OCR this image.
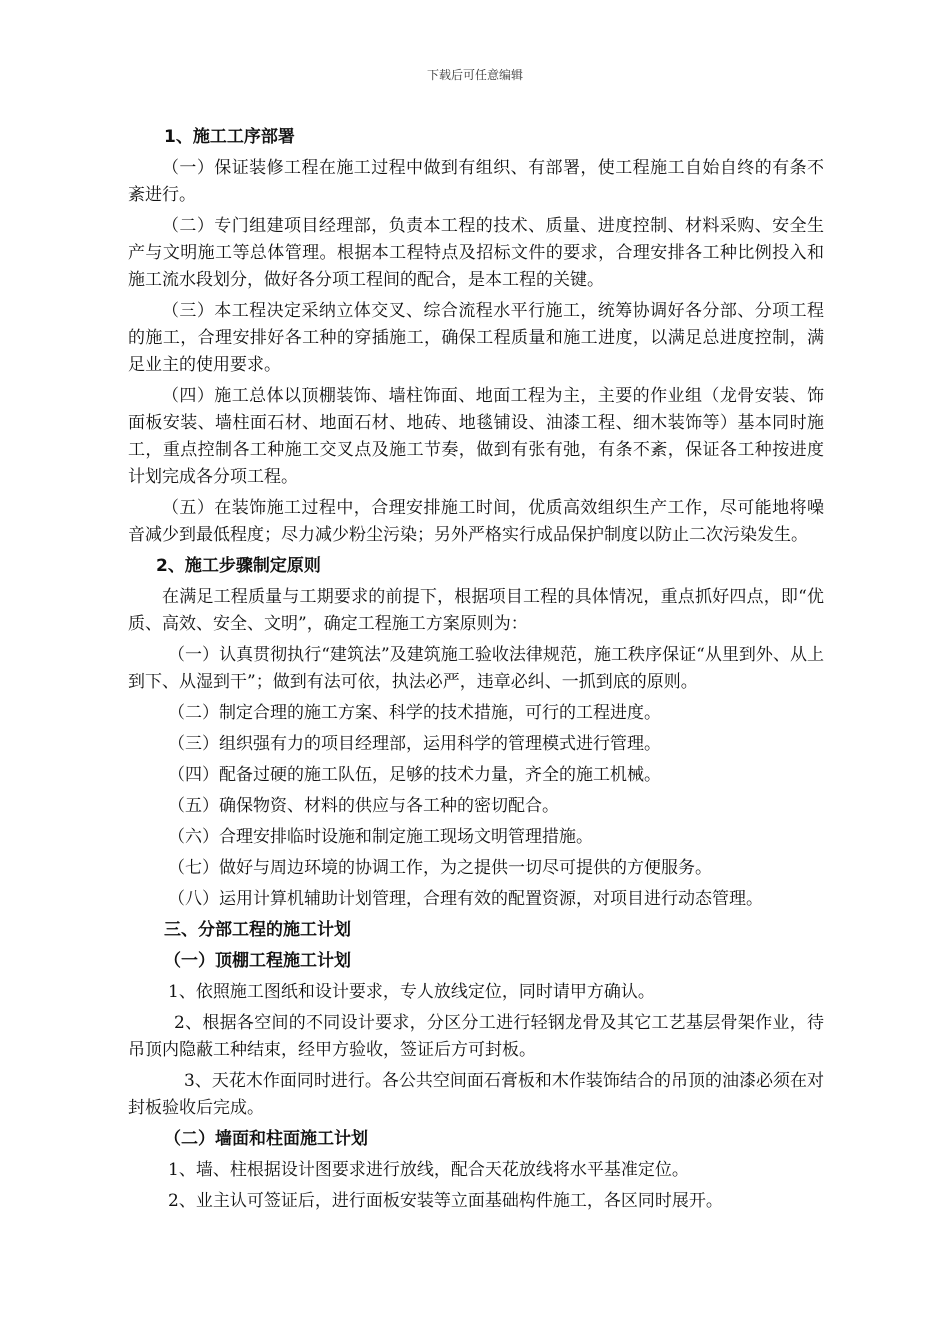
下载后可任意编辑
1、施工工序部署
（一）保证装修工程在施工过程中做到有组织、有部署，使工程施工自始自终的有条不紊进行。
（二）专门组建项目经理部，负责本工程的技术、质量、进度控制、材料采购、安全生产与文明施工等总体管理。根据本工程特点及招标文件的要求，合理安排各工种比例投入和施工流水段划分，做好各分项工程间的配合，是本工程的关键。
（三）本工程决定采纳立体交叉、综合流程水平行施工，统筹协调好各分部、分项工程的施工，合理安排好各工种的穿插施工，确保工程质量和施工进度，以满足总进度控制，满足业主的使用要求。
（四）施工总体以顶棚装饰、墙柱饰面、地面工程为主，主要的作业组（龙骨安装、饰面板安装、墙柱面石材、地面石材、地砖、地毯铺设、油漆工程、细木装饰等）基本同时施工，重点控制各工种施工交叉点及施工节奏，做到有张有弛，有条不紊，保证各工种按进度计划完成各分项工程。
（五）在装饰施工过程中，合理安排施工时间，优质高效组织生产工作，尽可能地将噪音减少到最低程度；尽力减少粉尘污染；另外严格实行成品保护制度以防止二次污染发生。
2、施工步骤制定原则
在满足工程质量与工期要求的前提下，根据项目工程的具体情况，重点抓好四点，即“优质、高效、安全、文明”，确定工程施工方案原则为：
（一）认真贯彻执行“建筑法”及建筑施工验收法律规范，施工秩序保证“从里到外、从上到下、从湿到干”；做到有法可依，执法必严，违章必纠、一抓到底的原则。
（二）制定合理的施工方案、科学的技术措施，可行的工程进度。
（三）组织强有力的项目经理部，运用科学的管理模式进行管理。
（四）配备过硬的施工队伍，足够的技术力量，齐全的施工机械。
（五）确保物资、材料的供应与各工种的密切配合。
（六）合理安排临时设施和制定施工现场文明管理措施。
（七）做好与周边环境的协调工作，为之提供一切尽可提供的方便服务。
（八）运用计算机辅助计划管理，合理有效的配置资源，对项目进行动态管理。
三、分部工程的施工计划
（一）顶棚工程施工计划
1、依照施工图纸和设计要求，专人放线定位，同时请甲方确认。
2、根据各空间的不同设计要求，分区分工进行轻钢龙骨及其它工艺基层骨架作业，待吊顶内隐蔽工种结束，经甲方验收，签证后方可封板。
3、天花木作面同时进行。各公共空间面石膏板和木作装饰结合的吊顶的油漆必须在对封板验收后完成。
（二）墙面和柱面施工计划
1、墙、柱根据设计图要求进行放线，配合天花放线将水平基准定位。
2、业主认可签证后，进行面板安装等立面基础构件施工，各区同时展开。
